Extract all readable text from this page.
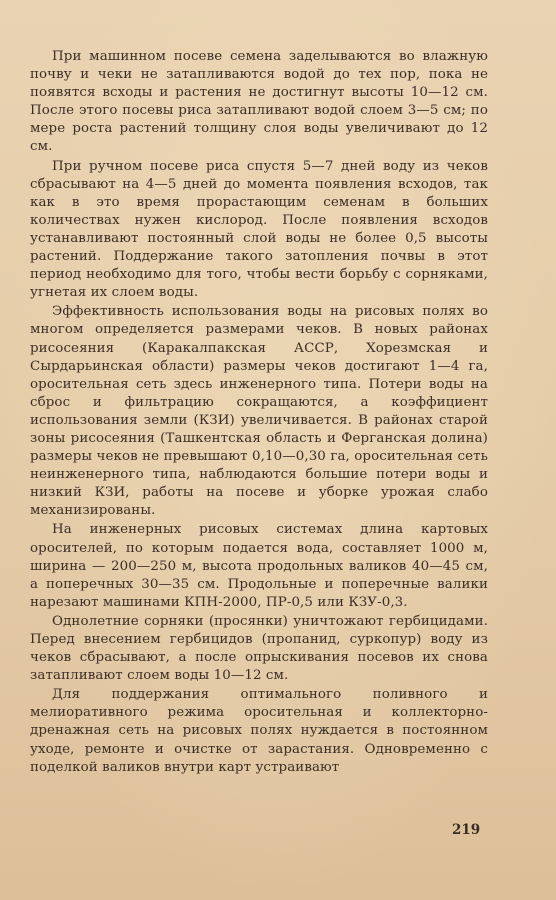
При машинном посеве семена заделываются во влажную почву и чеки не затапливаются водой до тех пор, пока не появятся всходы и растения не достигнут высоты 10—12 см. После этого посевы риса затапливают водой слоем 3—5 см; по мере роста растений толщину слоя воды увеличивают до 12 см.

При ручном посеве риса спустя 5—7 дней воду из чеков сбрасывают на 4—5 дней до момента появления всходов, так как в это время прорастающим семенам в больших количествах нужен кислород. После появления всходов устанавливают постоянный слой воды не более 0,5 высоты растений. Поддержание такого затопления почвы в этот период необходимо для того, чтобы вести борьбу с сорняками, угнетая их слоем воды.

Эффективность использования воды на рисовых полях во многом определяется размерами чеков. В новых районах рисосеяния (Каракалпакская АССР, Хорезмская и Сырдарьинская области) размеры чеков достигают 1—4 га, оросительная сеть здесь инженерного типа. Потери воды на сброс и фильтрацию сокращаются, а коэффициент использования земли (КЗИ) увеличивается. В районах старой зоны рисосеяния (Ташкентская область и Ферганская долина) размеры чеков не превышают 0,10—0,30 га, оросительная сеть неинженерного типа, наблюдаются большие потери воды и низкий КЗИ, работы на посеве и уборке урожая слабо механизированы.

На инженерных рисовых системах длина картовых оросителей, по которым подается вода, составляет 1000 м, ширина — 200—250 м, высота продольных валиков 40—45 см, а поперечных 30—35 см. Продольные и поперечные валики нарезают машинами КПН-2000, ПР-0,5 или КЗУ-0,3.

Однолетние сорняки (просянки) уничтожают гербицидами. Перед внесением гербицидов (пропанид, суркопур) воду из чеков сбрасывают, а после опрыскивания посевов их снова затапливают слоем воды 10—12 см.

Для поддержания оптимального поливного и мелиоративного режима оросительная и коллекторно-дренажная сеть на рисовых полях нуждается в постоянном уходе, ремонте и очистке от зарастания. Одновременно с поделкой валиков внутри карт устраивают

219
